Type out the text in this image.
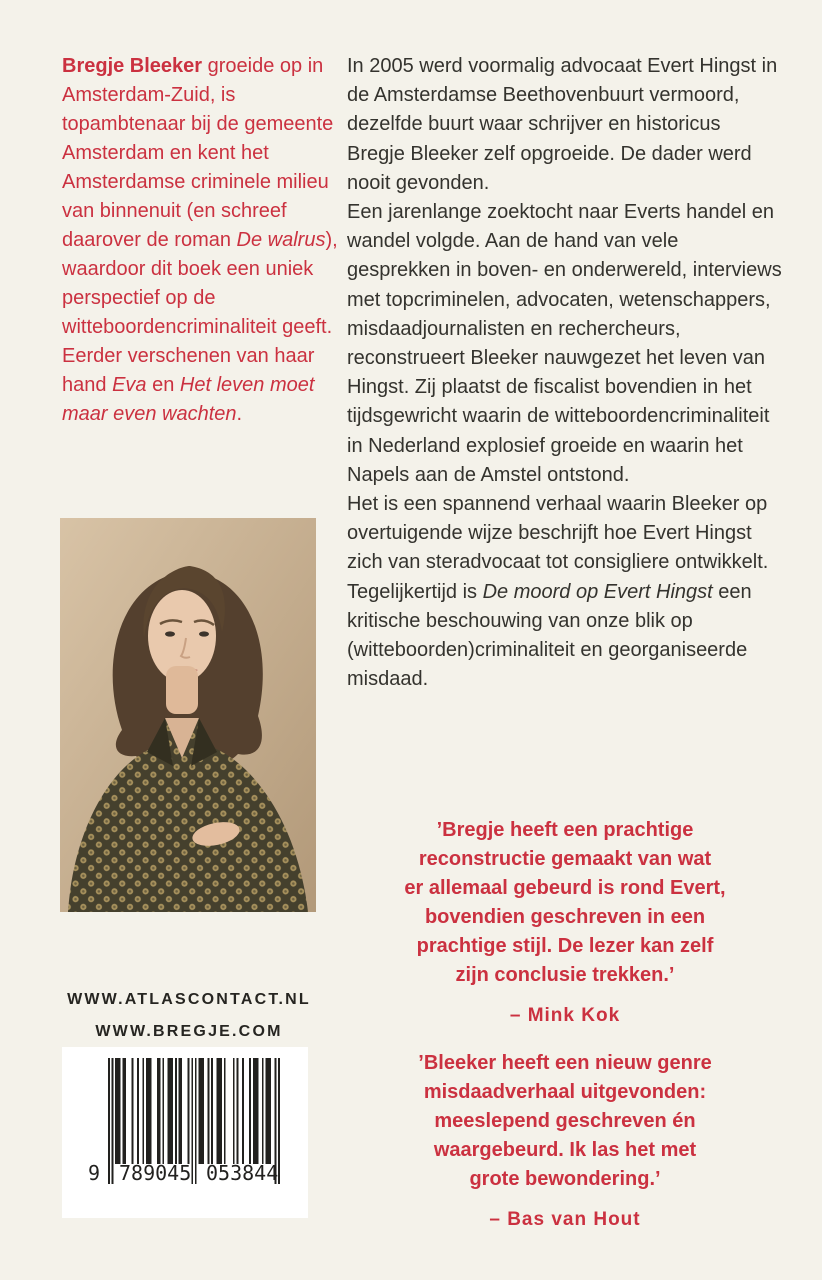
Bregje Bleeker groeide op in Amsterdam-Zuid, is topambtenaar bij de gemeente Amsterdam en kent het Amsterdamse criminele milieu van binnenuit (en schreef daarover de roman De walrus), waardoor dit boek een uniek perspectief op de witteboordencriminaliteit geeft. Eerder verschenen van haar hand Eva en Het leven moet maar even wachten.

WWW.ATLASCONTACT.NL
WWW.BREGJE.COM
9 789045 053844

In 2005 werd voormalig advocaat Evert Hingst in de Amsterdamse Beethovenbuurt vermoord, dezelfde buurt waar schrijver en historicus Bregje Bleeker zelf opgroeide. De dader werd nooit gevonden.

Een jarenlange zoektocht naar Everts handel en wandel volgde. Aan de hand van vele gesprekken in boven- en onderwereld, interviews met topcriminelen, advocaten, wetenschappers, misdaadjournalisten en rechercheurs, reconstrueert Bleeker nauwgezet het leven van Hingst. Zij plaatst de fiscalist bovendien in het tijdsgewricht waarin de witteboordencriminaliteit in Nederland explosief groeide en waarin het Napels aan de Amstel ontstond.

Het is een spannend verhaal waarin Bleeker op overtuigende wijze beschrijft hoe Evert Hingst zich van steradvocaat tot consigliere ontwikkelt. Tegelijkertijd is De moord op Evert Hingst een kritische beschouwing van onze blik op (witteboorden)criminaliteit en georganiseerde misdaad.

’Bregje heeft een prachtige
reconstructie gemaakt van wat
er allemaal gebeurd is rond Evert,
bovendien geschreven in een
prachtige stijl. De lezer kan zelf
zijn conclusie trekken.’
– Mink Kok
’Bleeker heeft een nieuw genre
misdaadverhaal uitgevonden:
meeslepend geschreven én
waargebeurd. Ik las het met
grote bewondering.’
– Bas van Hout
